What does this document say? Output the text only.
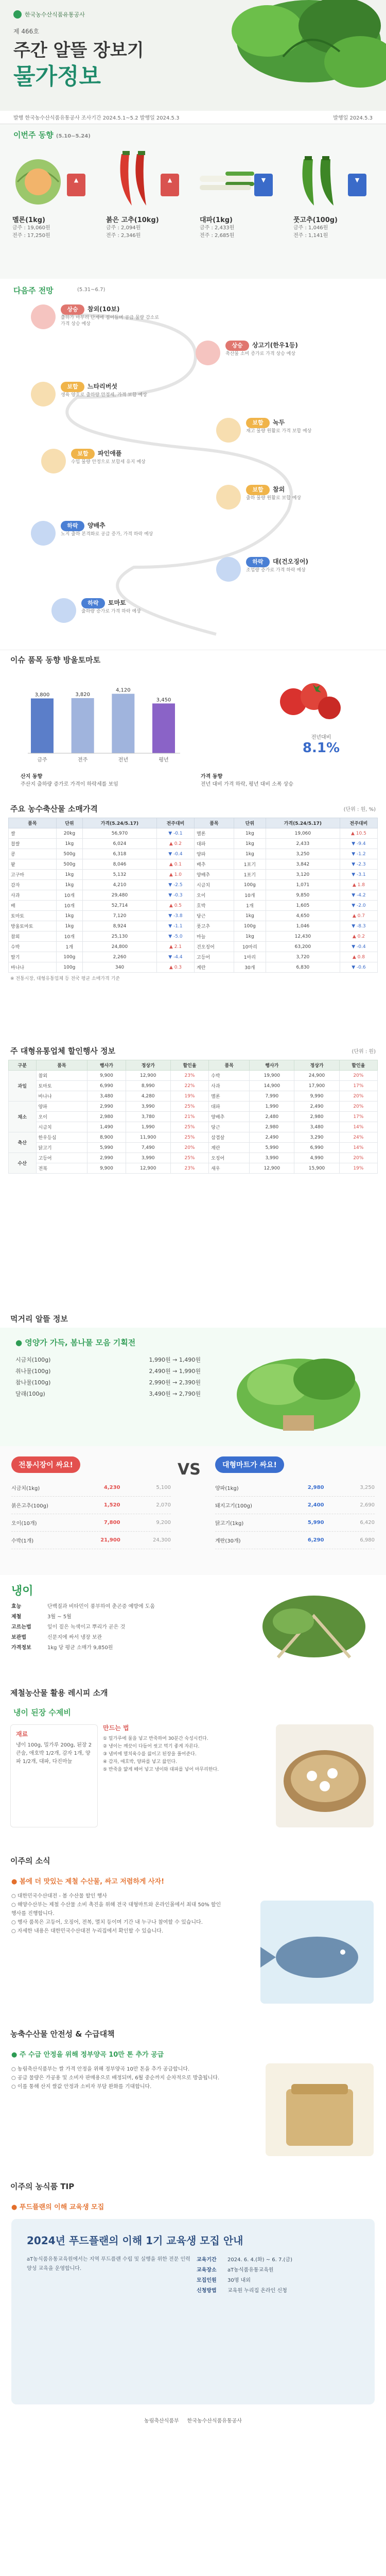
한국농수산식품유통공사
제 466호
주간 알뜰 장보기
물가정보
발행 한국농수산식품유통공사 조사기간 2024.5.1~5.2 발행일 2024.5.3	발행일 2024.5.3
이번주 동향 (5.10~5.24)
▲
멜론(1kg)
금주 : 19,060원
전주 : 17,250원
▲
붉은 고추(10kg)
금주 : 2,094원
전주 : 2,346원
▼
대파(1kg)
금주 : 2,433원
전주 : 2,685원
▼
풋고추(100g)
금주 : 1,046원
전주 : 1,141원
다음주 전망	(5.31~6.7)
상승 참외(10보)
출하가 마무리 단계에 접어들며 공급 물량 감소로 가격 상승 예상
상승 상고기(한우1등)
축산물 소비 증가로 가격 상승 예상
보합 느타리버섯
생육 양호로 출하량 안정세, 가격 보합 예상
보합 녹두
재고 물량 원활로 가격 보합 예상
보합 파인애플
수입 물량 안정으로 보합세 유지 예상
보합 참외
출하 물량 원활로 보합 예상
하락 양배추
노지 출하 본격화로 공급 증가, 가격 하락 예상
하락 대(건오징어)
조업량 증가로 가격 하락 예상
하락 토마토
출하량 증가로 가격 하락 예상
이슈 품목 동향 방울토마토
3,800
금주
3,820
전주
4,120
전년
3,450
평년
전년대비
8.1%
산지 동향
주산지 출하량 증가로 가격이 하락세를 보임
가격 동향
전년 대비 가격 하락, 평년 대비 소폭 상승
주요 농수축산물 소매가격	(단위 : 원, %)
품목	단위	가격(5.24/5.17)	전주대비	품목	단위	가격(5.24/5.17)	전주대비
쌀	20kg	56,970	▼ -0.1	멜론	1kg	19,060	▲ 10.5
찹쌀	1kg	6,024	▲ 0.2	대파	1kg	2,433	▼ -9.4
콩	500g	6,318	▼ -0.4	양파	1kg	3,250	▼ -1.2
팥	500g	8,046	▲ 0.1	배추	1포기	3,842	▼ -2.3
고구마	1kg	5,132	▲ 1.0	양배추	1포기	3,120	▼ -3.1
감자	1kg	4,210	▼ -2.5	시금치	100g	1,071	▲ 1.8
사과	10개	29,480	▼ -0.3	오이	10개	9,850	▼ -4.2
배	10개	52,714	▲ 0.5	호박	1개	1,605	▼ -2.0
토마토	1kg	7,120	▼ -3.8	당근	1kg	4,650	▲ 0.7
방울토마토	1kg	8,924	▼ -1.1	풋고추	100g	1,046	▼ -8.3
참외	10개	25,130	▼ -5.0	마늘	1kg	12,430	▲ 0.2
수박	1개	24,800	▲ 2.1	건오징어	10마리	63,200	▼ -0.4
딸기	100g	2,260	▼ -4.4	고등어	1마리	3,720	▲ 0.8
바나나	100g	340	▲ 0.3	계란	30개	6,830	▼ -0.6
※ 전통시장, 대형유통업체 등 전국 평균 소매가격 기준
주 대형유통업체 할인행사 정보	(단위 : 원)
구분	품목	행사가	정상가	할인율	품목	행사가	정상가	할인율
과일	참외	9,900	12,900	23%	수박	19,900	24,900	20%
	토마토	6,990	8,990	22%	사과	14,900	17,900	17%
	바나나	3,480	4,280	19%	멜론	7,990	9,990	20%
채소	양파	2,990	3,990	25%	대파	1,990	2,490	20%
	오이	2,980	3,780	21%	양배추	2,480	2,980	17%
	시금치	1,490	1,990	25%	당근	2,980	3,480	14%
축산	한우등심	8,900	11,900	25%	삼겹살	2,490	3,290	24%
	닭고기	5,990	7,490	20%	계란	5,990	6,990	14%
수산	고등어	2,990	3,990	25%	오징어	3,990	4,990	20%
	전복	9,900	12,900	23%	새우	12,900	15,900	19%
먹거리 알뜰 정보
● 영양가 가득, 봄나물 모음 기획전
시금치(100g)	1,990원 → 1,490원
취나물(100g)	2,490원 → 1,990원
참나물(100g)	2,990원 → 2,390원
달래(100g)	3,490원 → 2,790원
전통시장이 싸요!
시금치(1kg)	4,230	5,100
붉은고추(100g)	1,520	2,070
오이(10개)	7,800	9,200
수박(1개)	21,900	24,300
VS	대형마트가 싸요!
양파(1kg)	2,980	3,250
돼지고기(100g)	2,400	2,690
닭고기(1kg)	5,990	6,420
계란(30개)	6,290	6,980
냉이
효능	단백질과 비타민이 풍부하여 춘곤증 예방에 도움
제철	3월 ~ 5월
고르는법	잎이 짙은 녹색이고 뿌리가 곧은 것
보관법	신문지에 싸서 냉장 보관
가격정보	1kg 당 평균 소매가 9,850원
제철농산물 활용 레시피 소개
냉이 된장 수제비
재료
냉이 100g, 밀가루 200g, 된장 2큰술, 애호박 1/2개, 감자 1개, 양파 1/2개, 대파, 다진마늘
만드는 법
① 밀가루에 물을 넣고 반죽하여 30분간 숙성시킨다.
② 냉이는 깨끗이 다듬어 씻고 먹기 좋게 자른다.
③ 냄비에 멸치육수를 끓이고 된장을 풀어준다.
④ 감자, 애호박, 양파를 넣고 끓인다.
⑤ 반죽을 얇게 떼어 넣고 냉이와 대파를 넣어 마무리한다.
이주의 소식
● 봄에 더 맛있는 제철 수산물, 싸고 저렴하게 사자!
○ 대한민국수산대전 - 봄 수산물 할인 행사
○ 해양수산부는 제철 수산물 소비 촉진을 위해 전국 대형마트와 온라인몰에서 최대 50% 할인 행사를 진행합니다.
○ 행사 품목은 고등어, 오징어, 전복, 멸치 등이며 기간 내 누구나 참여할 수 있습니다.
○ 자세한 내용은 대한민국수산대전 누리집에서 확인할 수 있습니다.
농축수산물 안전성 & 수급대책
● 주 수급 안정을 위해 정부양곡 10만 톤 추가 공급
○ 농림축산식품부는 쌀 가격 안정을 위해 정부양곡 10만 톤을 추가 공급합니다.
○ 공급 물량은 가공용 및 소비자 판매용으로 배정되며, 6월 중순까지 순차적으로 방출됩니다.
○ 이를 통해 산지 쌀값 안정과 소비자 부담 완화를 기대합니다.
이주의 농식품 TIP
● 푸드플랜의 이해 교육생 모집
2024년 푸드플랜의 이해 1기 교육생 모집 안내
aT농식품유통교육원에서는 지역 푸드플랜 수립 및 실행을 위한 전문 인력 양성 교육을 운영합니다.
교육기간 2024. 6. 4.(화) ~ 6. 7.(금)
교육장소 aT농식품유통교육원
모집인원 30명 내외
신청방법 교육원 누리집 온라인 신청
농림축산식품부 한국농수산식품유통공사
